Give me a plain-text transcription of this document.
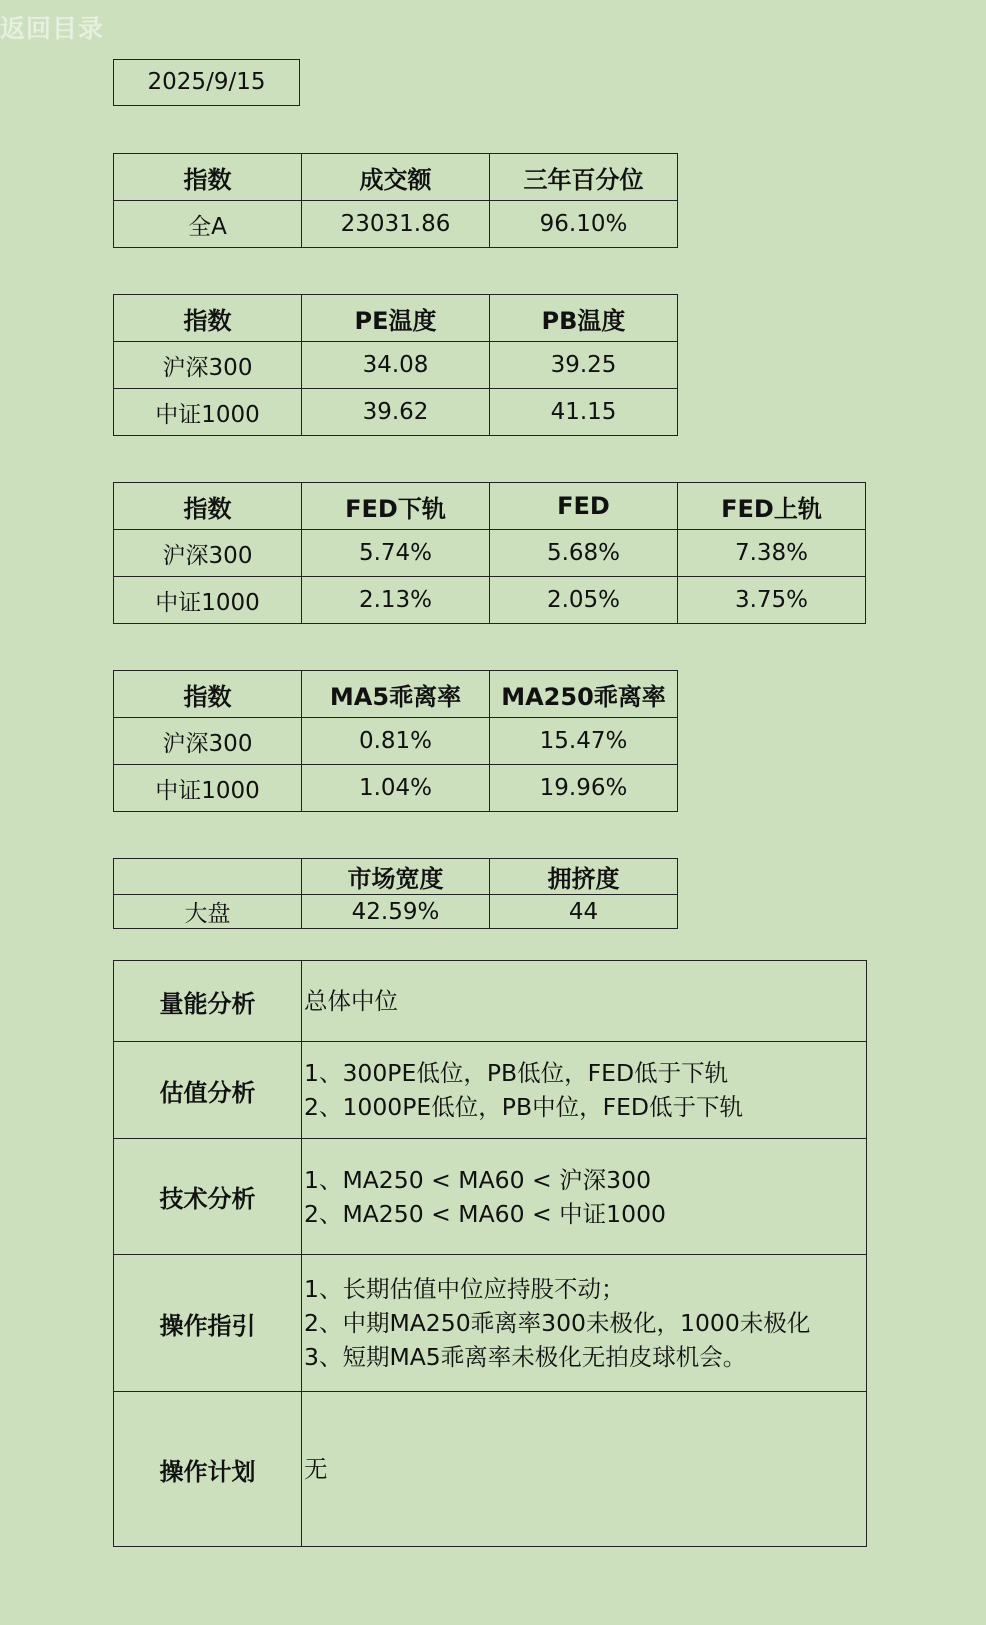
返回目录
2025/9/15
指数	成交额	三年百分位
全A	23031.86	96.10%
指数	PE温度	PB温度
沪深300	34.08	39.25
中证1000	39.62	41.15
指数	FED下轨	FED	FED上轨
沪深300	5.74%	5.68%	7.38%
中证1000	2.13%	2.05%	3.75%
指数	MA5乖离率	MA250乖离率
沪深300	0.81%	15.47%
中证1000	1.04%	19.96%
	市场宽度	拥挤度
大盘	42.59%	44
量能分析	总体中位

估值分析	1、300PE低位，PB低位，FED低于下轨
2、1000PE低位，PB中位，FED低于下轨

技术分析	1、MA250 < MA60 < 沪深300
2、MA250 < MA60 < 中证1000

操作指引	1、长期估值中位应持股不动；
2、中期MA250乖离率300未极化，1000未极化
3、短期MA5乖离率未极化无拍皮球机会。

操作计划	无
